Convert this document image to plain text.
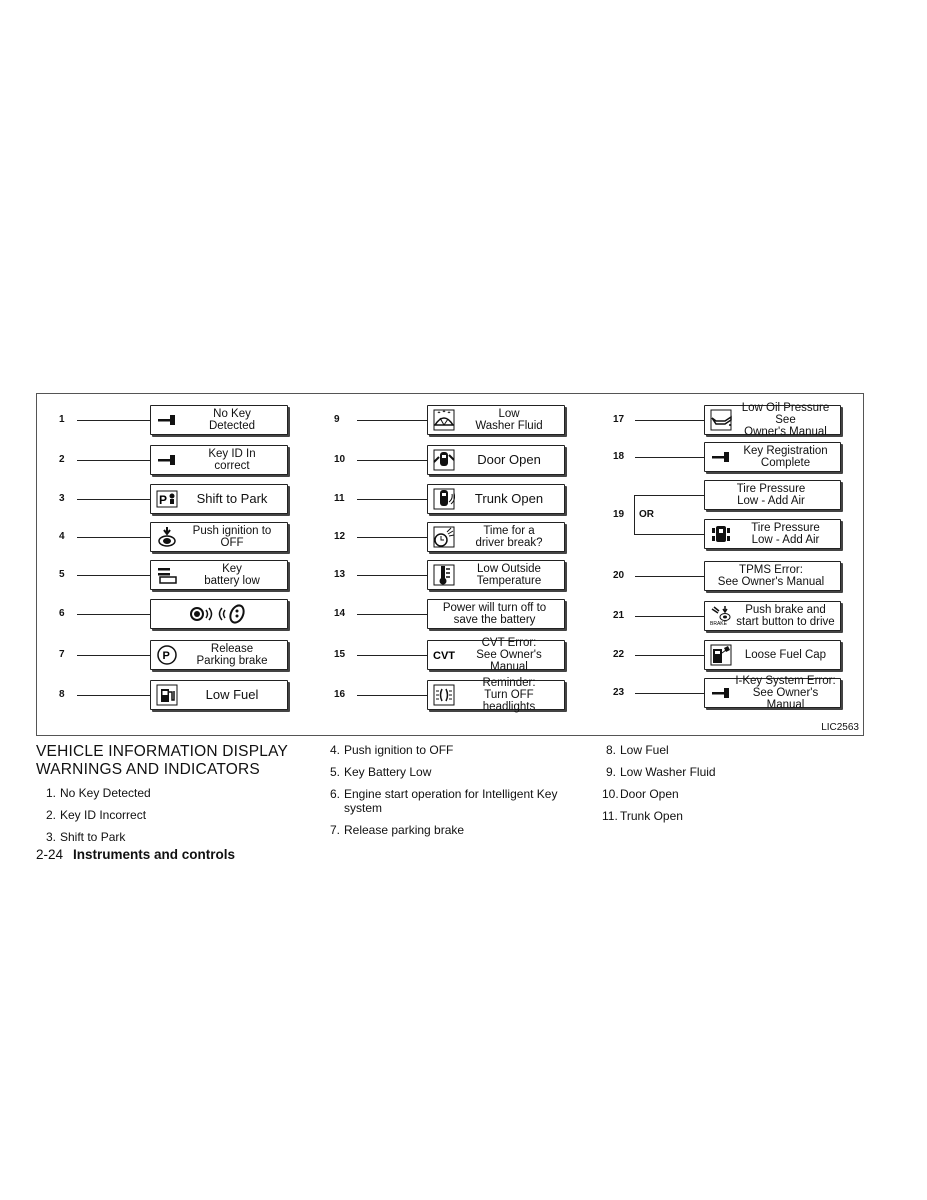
1	No Key
Detected
2	Key ID In
correct
3	P	Shift to Park
4	Push ignition to OFF
5	Key
battery low
6
7	P
Release
Parking brake
8	Low Fuel
9	Low
Washer Fluid
10	Door Open
11	Trunk Open
12	Time for a
driver break?
13	Low Outside
Temperature
14	Power will turn off to
save the battery
15	CVT
CVT Error:
See Owner's Manual
16
Reminder:
Turn OFF headlights
17
Low Oil Pressure See
Owner's Manual
18	Key Registration
Complete
19
Tire Pressure
Low - Add Air
Tire Pressure
Low - Add Air
20	TPMS Error:
See Owner's Manual
21
BRAKE
Push brake and
start button to drive
22	Loose Fuel Cap
23
I-Key System Error:
See Owner's Manual
OR
LIC2563
VEHICLE INFORMATION DISPLAY WARNINGS AND INDICATORS
1. No Key Detected
2. Key ID Incorrect
3. Shift to Park
4. Push ignition to OFF
5. Key Battery Low
6. Engine start operation for Intelligent Key system
7. Release parking brake
8. Low Fuel
9. Low Washer Fluid
10. Door Open
11. Trunk Open
2-24 Instruments and controls
